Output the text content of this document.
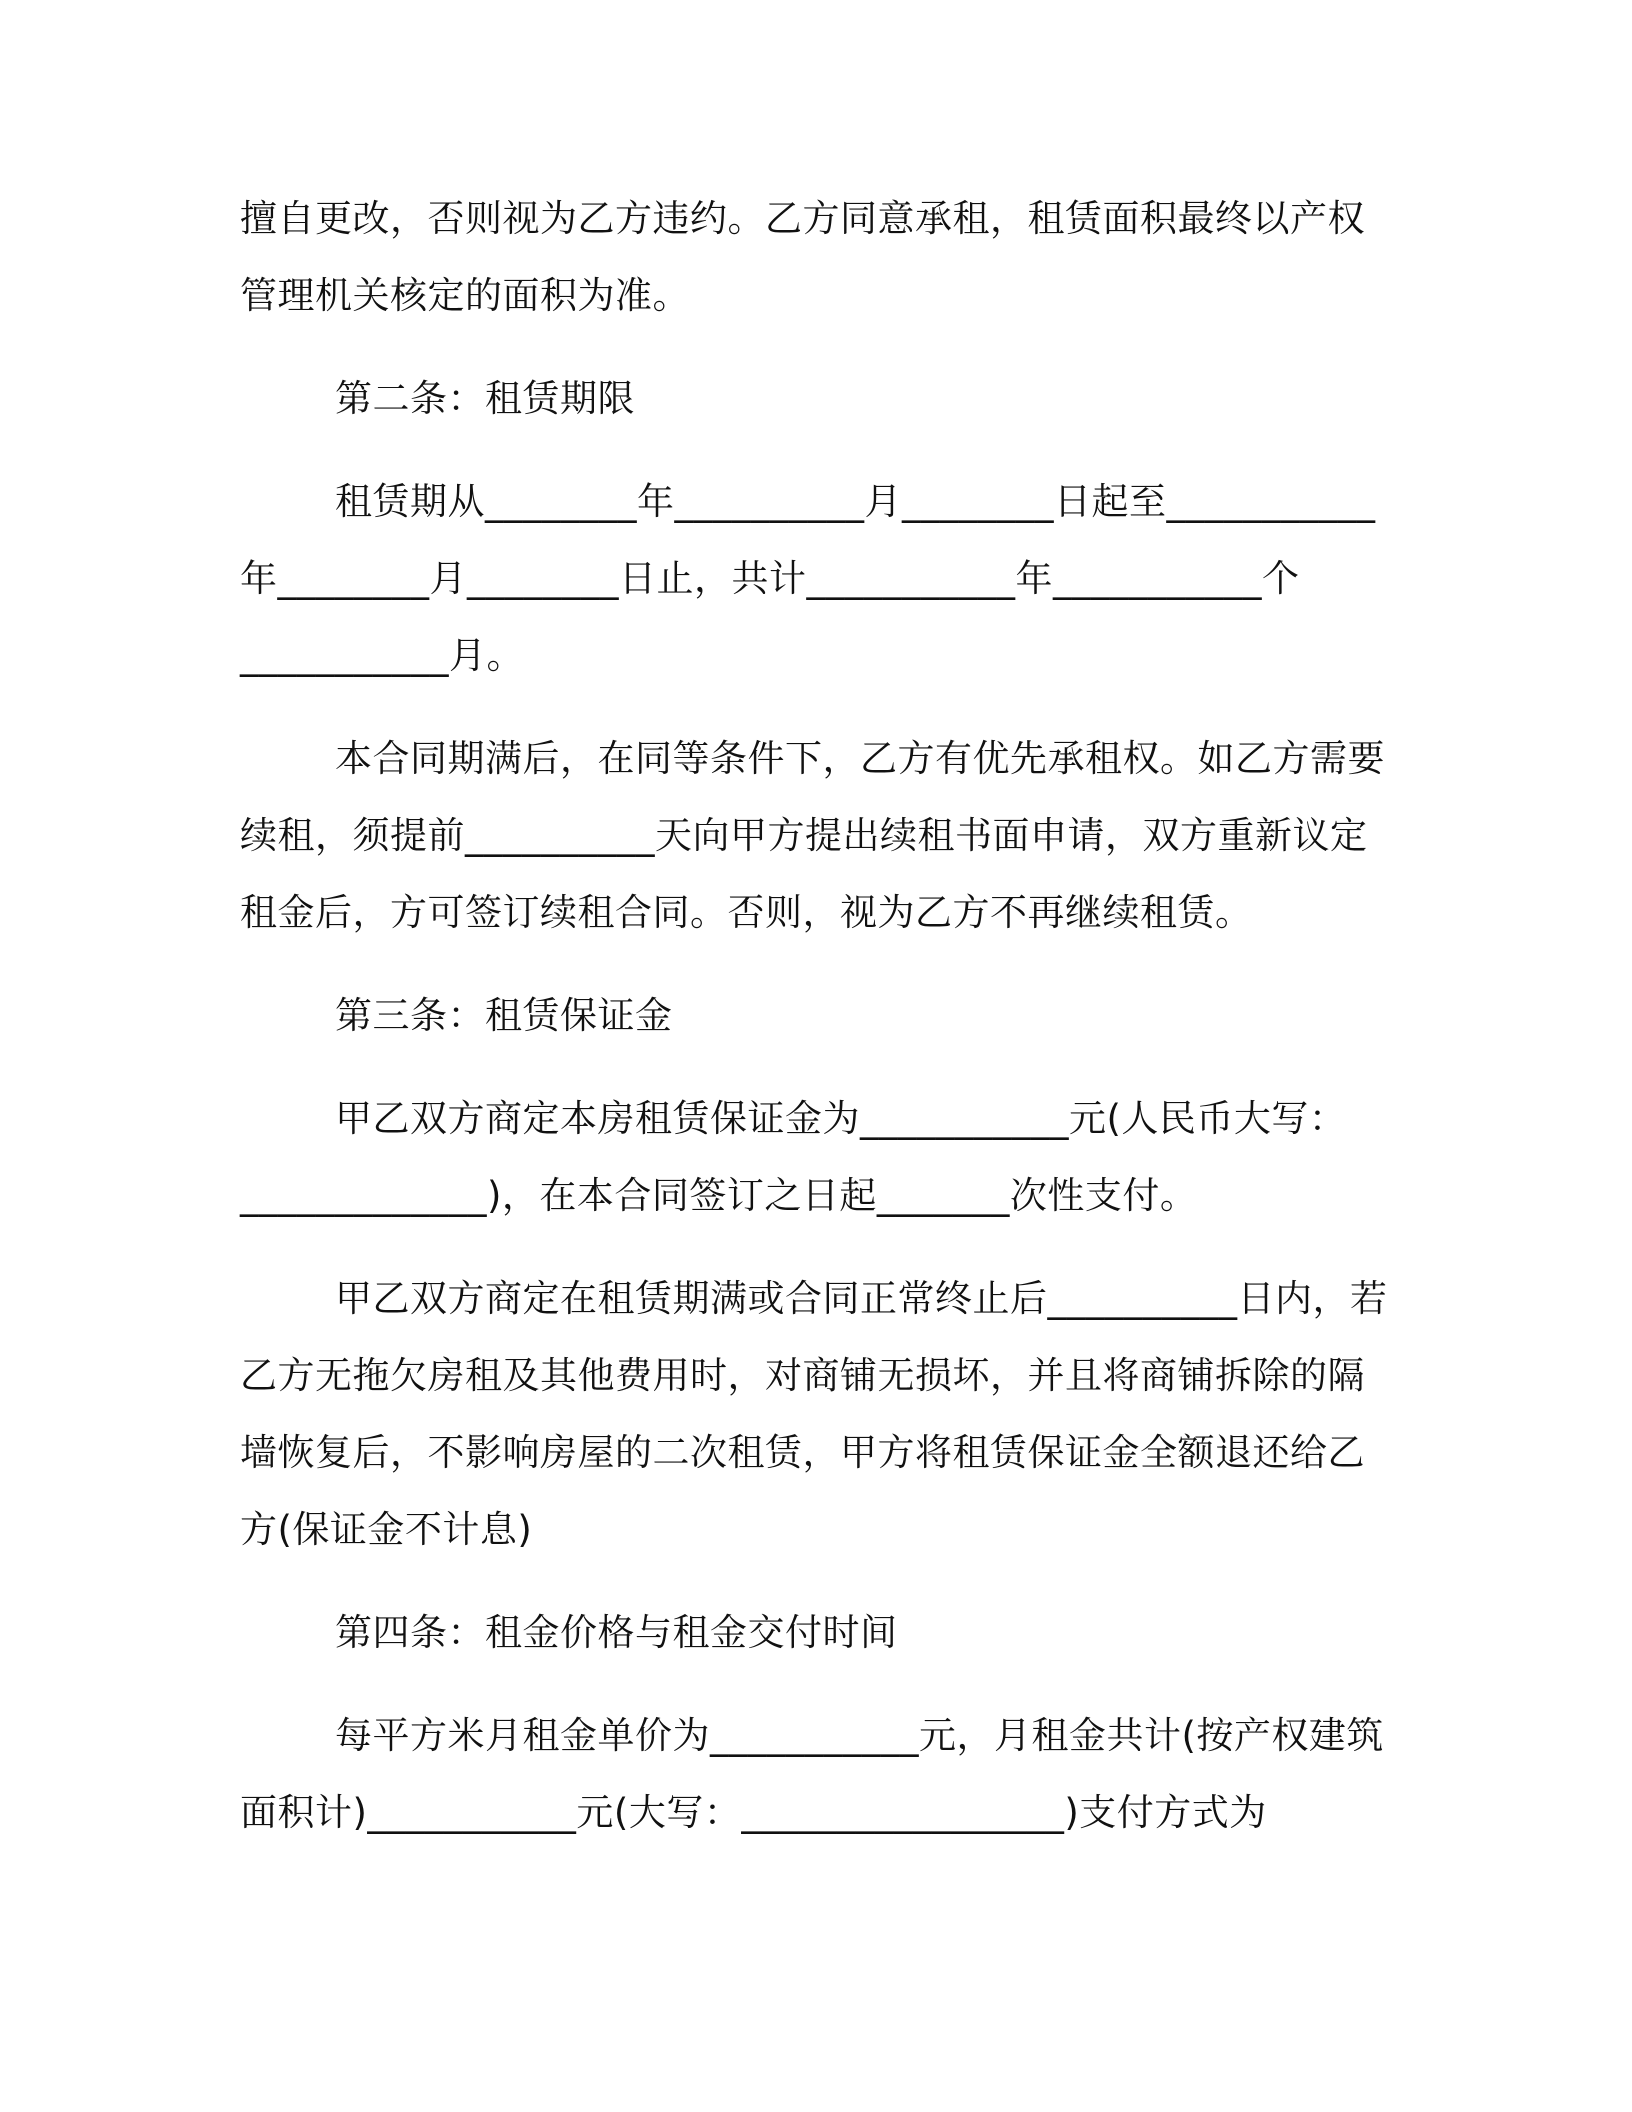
擅自更改，否则视为乙方违约。乙方同意承租，租赁面积最终以产权
管理机关核定的面积为准。
第二条：租赁期限
租赁期从________年__________月________日起至___________
年________月________日止，共计___________年___________个
___________月。
本合同期满后，在同等条件下，乙方有优先承租权。如乙方需要
续租，须提前__________天向甲方提出续租书面申请，双方重新议定
租金后，方可签订续租合同。否则，视为乙方不再继续租赁。
第三条：租赁保证金
甲乙双方商定本房租赁保证金为___________元(人民币大写：
_____________)，在本合同签订之日起_______次性支付。
甲乙双方商定在租赁期满或合同正常终止后__________日内，若
乙方无拖欠房租及其他费用时，对商铺无损坏，并且将商铺拆除的隔
墙恢复后，不影响房屋的二次租赁，甲方将租赁保证金全额退还给乙
方(保证金不计息)
第四条：租金价格与租金交付时间
每平方米月租金单价为___________元，月租金共计(按产权建筑
面积计)___________元(大写：_________________)支付方式为
